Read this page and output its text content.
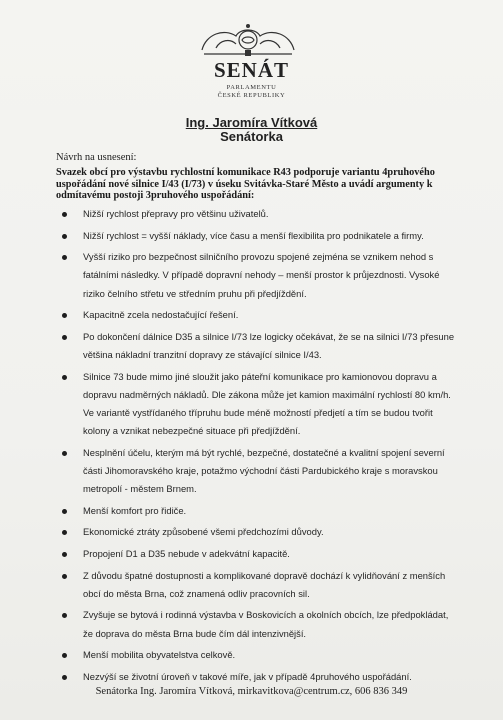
SENÁT
PARLAMENTU
ČESKÉ REPUBLIKY
Ing. Jaromíra Vítková
Senátorka
Návrh na usnesení:
Svazek obcí pro výstavbu rychlostní komunikace R43 podporuje variantu 4pruhového uspořádání nové silnice I/43 (I/73) v úseku Svitávka-Staré Město a uvádí argumenty k odmítavému postoji 3pruhového uspořádání:
Nižší rychlost přepravy pro většinu uživatelů.
Nižší rychlost = vyšší náklady, více času a menší flexibilita pro podnikatele a firmy.
Vyšší riziko pro bezpečnost silničního provozu spojené zejména se vznikem nehod s fatálními následky. V případě dopravní nehody – menší prostor k průjezdnosti. Vysoké riziko čelního střetu ve středním pruhu při předjíždění.
Kapacitně zcela nedostačující řešení.
Po dokončení dálnice D35 a silnice I/73 lze logicky očekávat, že se na silnici I/73 přesune většina nákladní tranzitní dopravy ze stávající silnice I/43.
Silnice 73 bude mimo jiné sloužit jako páteřní komunikace pro kamionovou dopravu a dopravu nadměrných nákladů. Dle zákona může jet kamion maximální rychlostí 80 km/h. Ve variantě vystřídaného třípruhu bude méně možností předjetí a tím se budou tvořit kolony a vznikat nebezpečné situace při předjíždění.
Nesplnění účelu, kterým má být rychlé, bezpečné, dostatečné a kvalitní spojení severní části Jihomoravského kraje, potažmo východní části Pardubického kraje s moravskou metropolí - městem Brnem.
Menší komfort pro řidiče.
Ekonomické ztráty způsobené všemi předchozími důvody.
Propojení D1 a D35 nebude v adekvátní kapacitě.
Z důvodu špatné dostupnosti a komplikované dopravě dochází k vylidňování z menších obcí do města Brna, což znamená odliv pracovních sil.
Zvyšuje se bytová i rodinná výstavba v Boskovicích a okolních obcích, lze předpokládat, že doprava do města Brna bude čím dál intenzivnější.
Menší mobilita obyvatelstva celkově.
Nezvýší se životní úroveň v takové míře, jak v případě 4pruhového uspořádání.
Senátorka Ing. Jaromíra Vítková, mirkavitkova@centrum.cz, 606 836 349
